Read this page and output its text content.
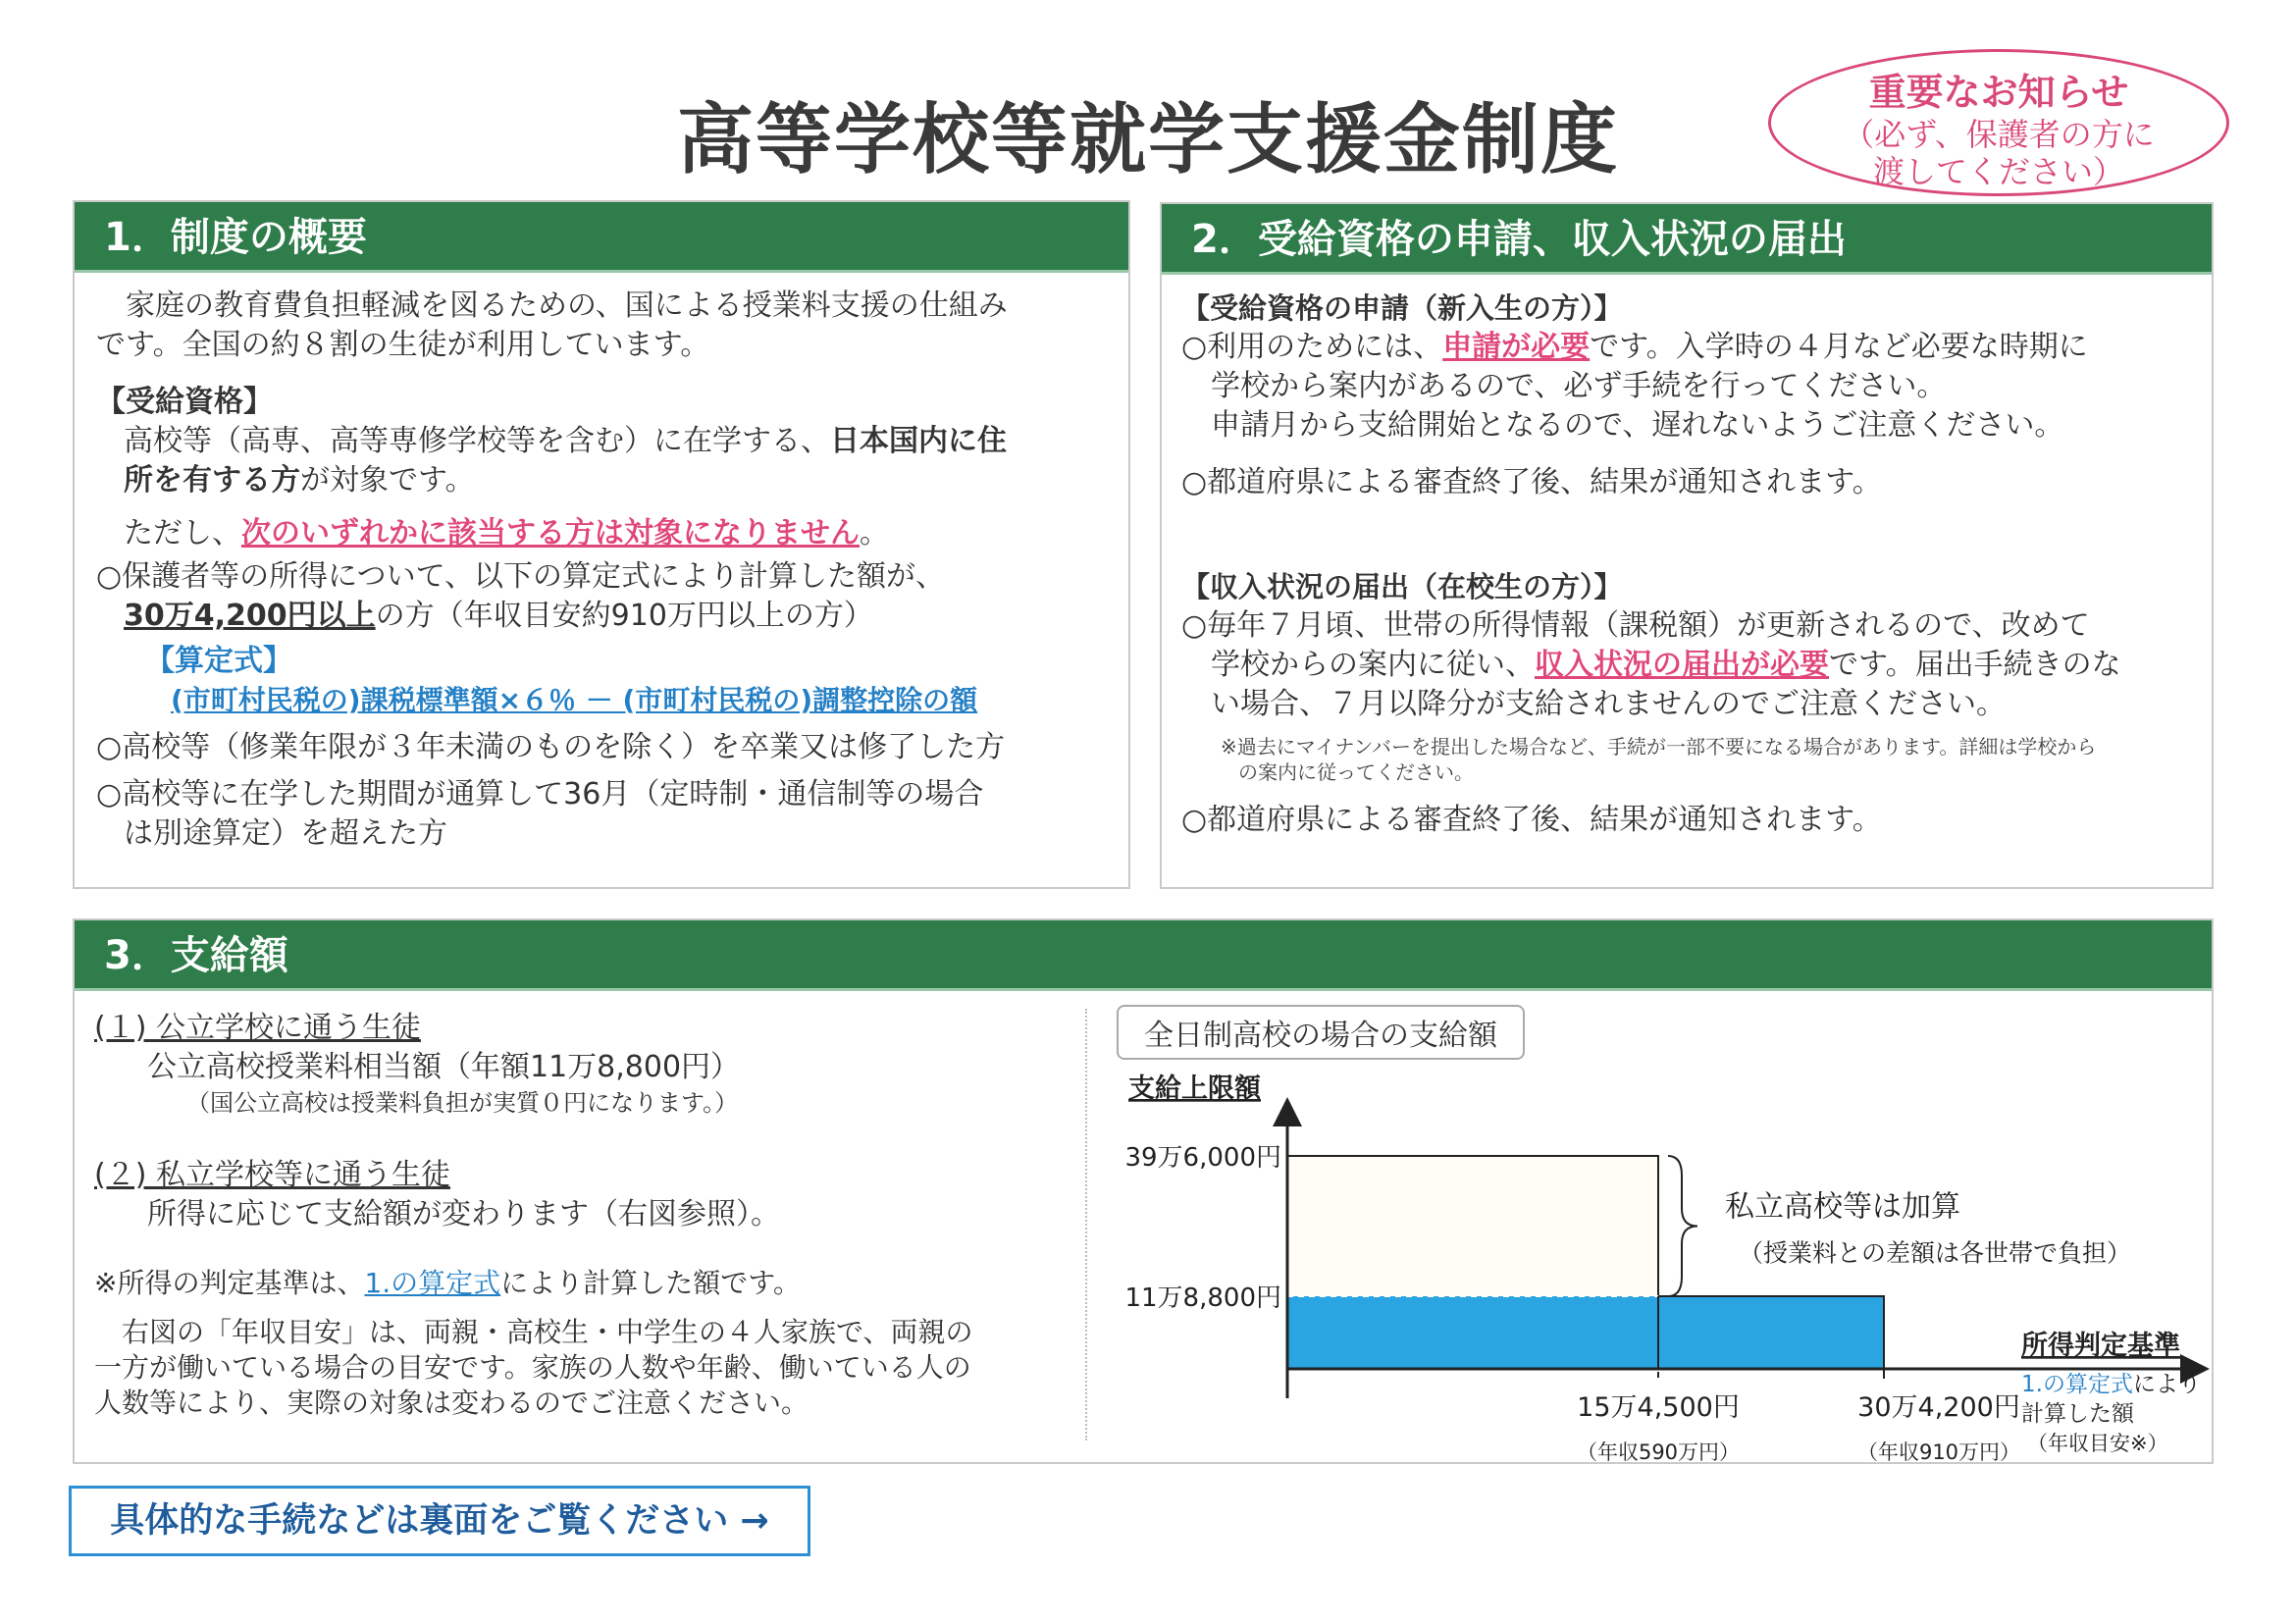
高等学校等就学支援金制度
重要なお知らせ
（必ず、保護者の方に
渡してください）
1．制度の概要
　家庭の教育費負担軽減を図るための、国による授業料支援の仕組み
です。全国の約８割の生徒が利用しています。
【受給資格】
高校等（高専、高等専修学校等を含む）に在学する、日本国内に住
所を有する方が対象です。
ただし、次のいずれかに該当する方は対象になりません。
○保護者等の所得について、以下の算定式により計算した額が、
30万4,200円以上の方（年収目安約910万円以上の方）
【算定式】
(市町村民税の)課税標準額×６％ － (市町村民税の)調整控除の額
○高校等（修業年限が３年未満のものを除く）を卒業又は修了した方
○高校等に在学した期間が通算して36月（定時制・通信制等の場合
は別途算定）を超えた方
2．受給資格の申請、収入状況の届出
【受給資格の申請（新入生の方）】
○利用のためには、申請が必要です。入学時の４月など必要な時期に
学校から案内があるので、必ず手続を行ってください。
申請月から支給開始となるので、遅れないようご注意ください。
○都道府県による審査終了後、結果が通知されます。
【収入状況の届出（在校生の方）】
○毎年７月頃、世帯の所得情報（課税額）が更新されるので、改めて
学校からの案内に従い、収入状況の届出が必要です。届出手続きのな
い場合、７月以降分が支給されませんのでご注意ください。
※過去にマイナンバーを提出した場合など、手続が一部不要になる場合があります。詳細は学校から
の案内に従ってください。
○都道府県による審査終了後、結果が通知されます。
3．支給額
(１) 公立学校に通う生徒
公立高校授業料相当額（年額11万8,800円）
（国公立高校は授業料負担が実質０円になります。）
(２) 私立学校等に通う生徒
所得に応じて支給額が変わります（右図参照）。
※所得の判定基準は、1.の算定式により計算した額です。
　右図の「年収目安」は、両親・高校生・中学生の４人家族で、両親の
一方が働いている場合の目安です。家族の人数や年齢、働いている人の
人数等により、実際の対象は変わるのでご注意ください。
全日制高校の場合の支給額
支給上限額
所得判定基準
39万6,000円
11万8,800円
15万4,500円	30万4,200円
（年収590万円）	（年収910万円）
私立高校等は加算
（授業料との差額は各世帯で負担）
1.の算定式により
計算した額
（年収目安※）
具体的な手続などは裏面をご覧ください →
